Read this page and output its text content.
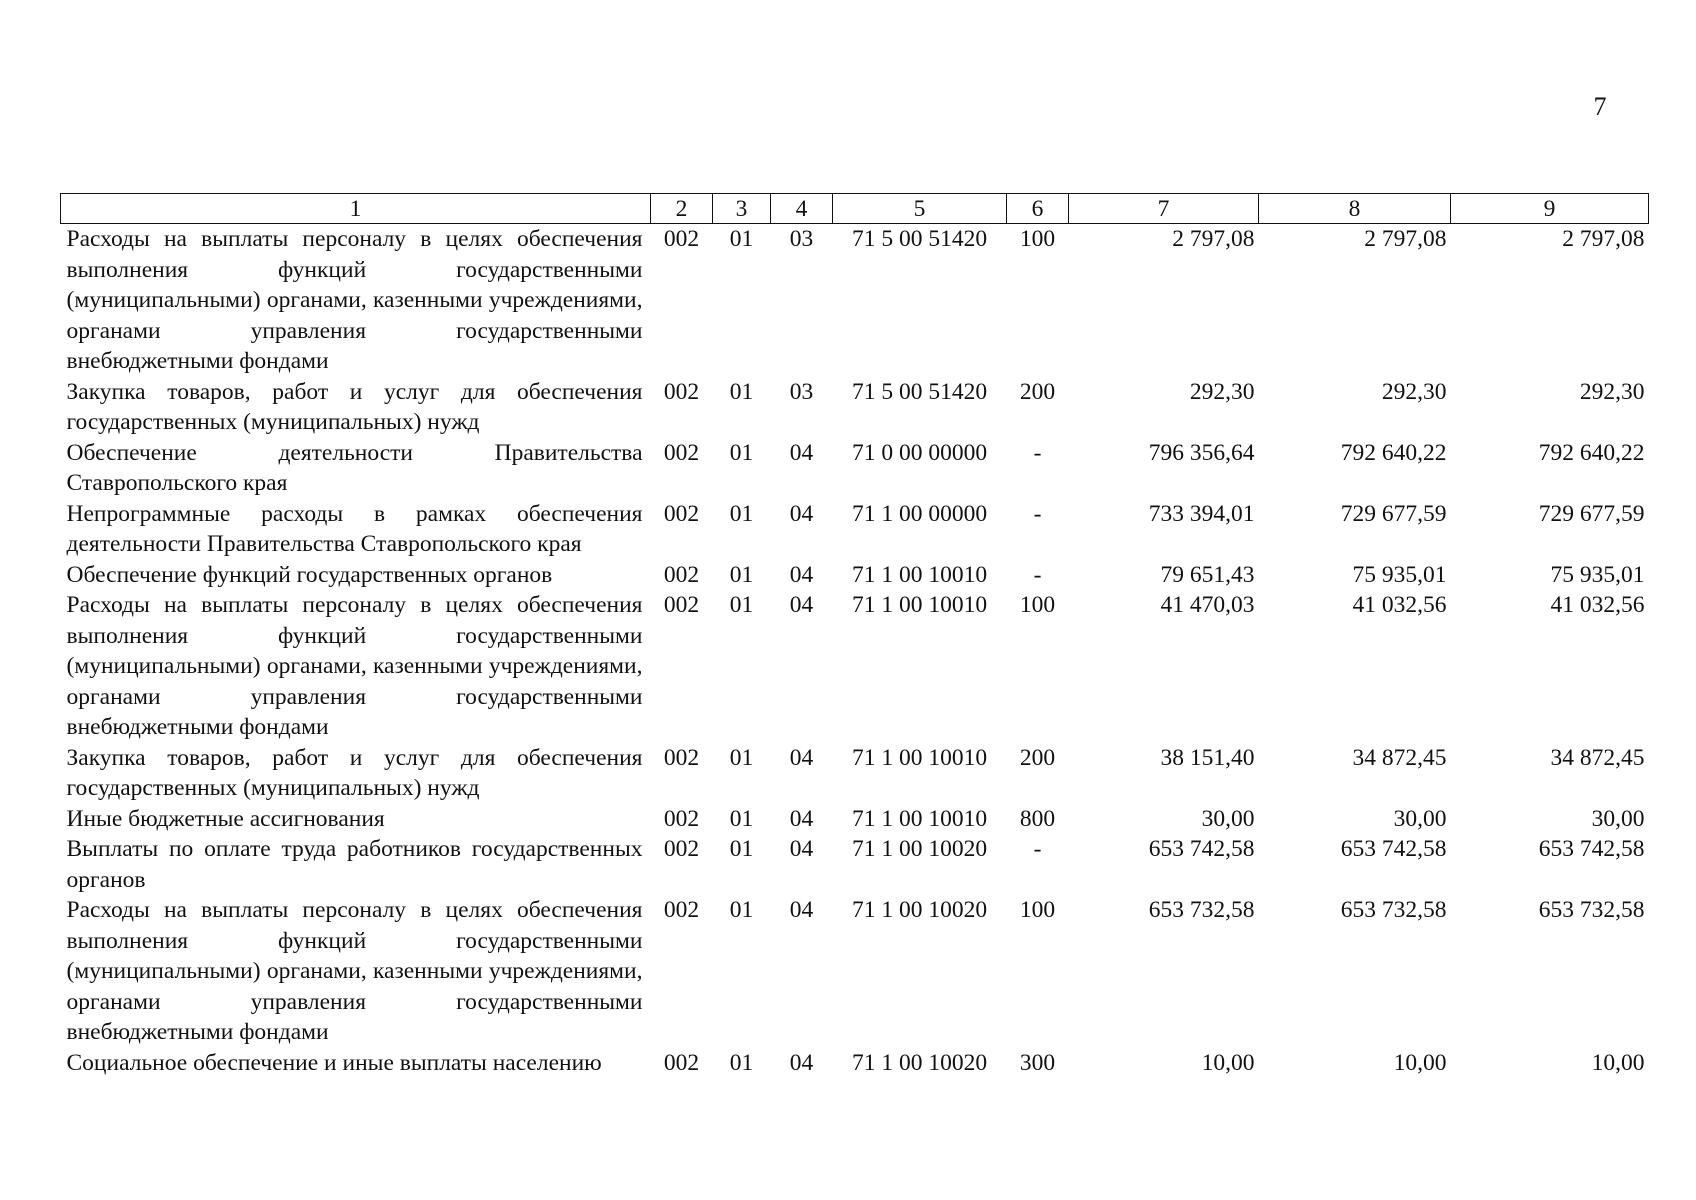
7
1	2	3	4	5	6	7	8	9
Расходы на выплаты персоналу в целях обеспечения выполнения функций государственными (муниципальными) органами, казенными учреждениями, органами управления государственными внебюджетными фондами	002	01	03	71 5 00 51420	100	2 797,08	2 797,08	2 797,08
Закупка товаров, работ и услуг для обеспечения государственных (муниципальных) нужд	002	01	03	71 5 00 51420	200	292,30	292,30	292,30
Обеспечение деятельности Правительства Ставропольского края	002	01	04	71 0 00 00000	-	796 356,64	792 640,22	792 640,22
Непрограммные расходы в рамках обеспечения деятельности Правительства Ставропольского края	002	01	04	71 1 00 00000	-	733 394,01	729 677,59	729 677,59
Обеспечение функций государственных органов	002	01	04	71 1 00 10010	-	79 651,43	75 935,01	75 935,01
Расходы на выплаты персоналу в целях обеспечения выполнения функций государственными (муниципальными) органами, казенными учреждениями, органами управления государственными внебюджетными фондами	002	01	04	71 1 00 10010	100	41 470,03	41 032,56	41 032,56
Закупка товаров, работ и услуг для обеспечения государственных (муниципальных) нужд	002	01	04	71 1 00 10010	200	38 151,40	34 872,45	34 872,45
Иные бюджетные ассигнования	002	01	04	71 1 00 10010	800	30,00	30,00	30,00
Выплаты по оплате труда работников государственных органов	002	01	04	71 1 00 10020	-	653 742,58	653 742,58	653 742,58
Расходы на выплаты персоналу в целях обеспечения выполнения функций государственными (муниципальными) органами, казенными учреждениями, органами управления государственными внебюджетными фондами	002	01	04	71 1 00 10020	100	653 732,58	653 732,58	653 732,58
Социальное обеспечение и иные выплаты населению	002	01	04	71 1 00 10020	300	10,00	10,00	10,00
